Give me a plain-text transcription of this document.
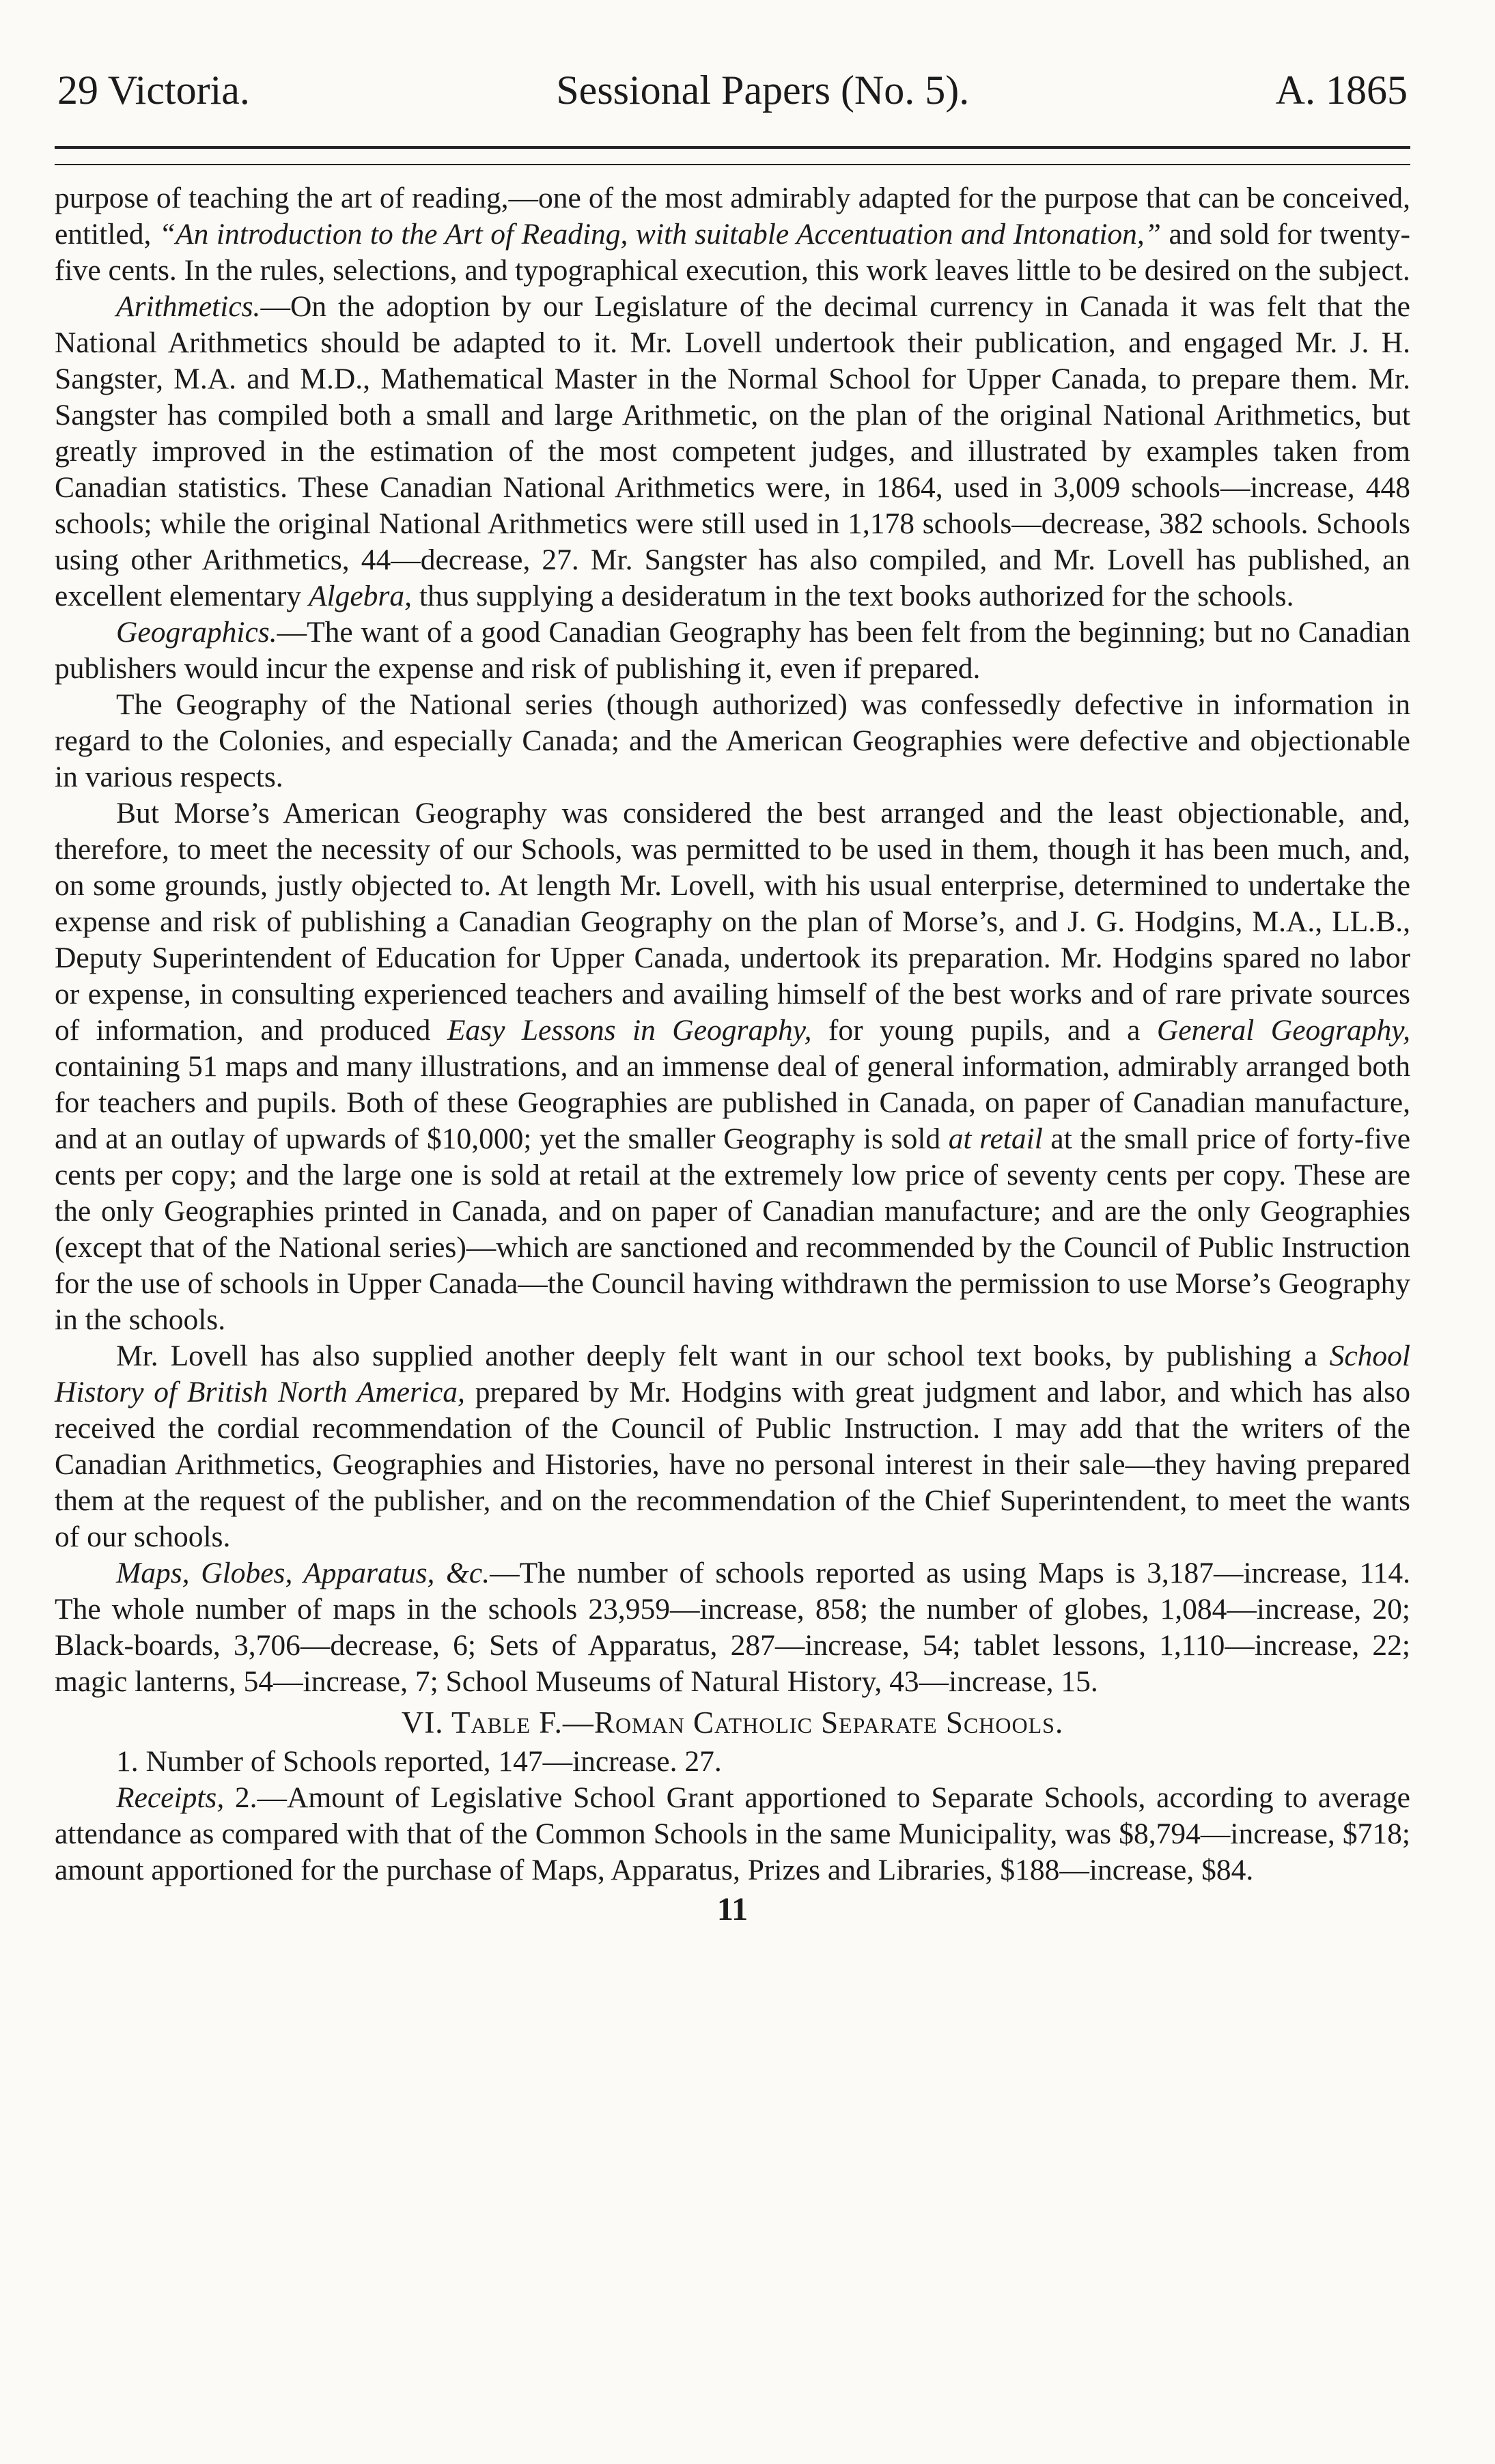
29 Victoria.	Sessional Papers (No. 5).	A. 1865

purpose of teaching the art of reading,—one of the most admirably adapted for the purpose that can be conceived, entitled, “An introduction to the Art of Reading, with suitable Accentuation and Intonation,” and sold for twenty-five cents. In the rules, selections, and typographical execution, this work leaves little to be desired on the subject.

Arithmetics.—On the adoption by our Legislature of the decimal currency in Canada it was felt that the National Arithmetics should be adapted to it. Mr. Lovell undertook their publication, and engaged Mr. J. H. Sangster, M.A. and M.D., Mathematical Master in the Normal School for Upper Canada, to prepare them. Mr. Sangster has compiled both a small and large Arithmetic, on the plan of the original National Arithmetics, but greatly improved in the estimation of the most competent judges, and illustrated by examples taken from Canadian statistics. These Canadian National Arithmetics were, in 1864, used in 3,009 schools—increase, 448 schools; while the original National Arithmetics were still used in 1,178 schools—decrease, 382 schools. Schools using other Arithmetics, 44—decrease, 27. Mr. Sangster has also compiled, and Mr. Lovell has published, an excellent elementary Algebra, thus supplying a desideratum in the text books authorized for the schools.

Geographics.—The want of a good Canadian Geography has been felt from the beginning; but no Canadian publishers would incur the expense and risk of publishing it, even if prepared.

The Geography of the National series (though authorized) was confessedly defective in information in regard to the Colonies, and especially Canada; and the American Geographies were defective and objectionable in various respects.

But Morse’s American Geography was considered the best arranged and the least objectionable, and, therefore, to meet the necessity of our Schools, was permitted to be used in them, though it has been much, and, on some grounds, justly objected to. At length Mr. Lovell, with his usual enterprise, determined to undertake the expense and risk of publishing a Canadian Geography on the plan of Morse’s, and J. G. Hodgins, M.A., LL.B., Deputy Superintendent of Education for Upper Canada, undertook its preparation. Mr. Hodgins spared no labor or expense, in consulting experienced teachers and availing himself of the best works and of rare private sources of information, and produced Easy Lessons in Geography, for young pupils, and a General Geography, containing 51 maps and many illustrations, and an immense deal of general information, admirably arranged both for teachers and pupils. Both of these Geographies are published in Canada, on paper of Canadian manufacture, and at an outlay of upwards of $10,000; yet the smaller Geography is sold at retail at the small price of forty-five cents per copy; and the large one is sold at retail at the extremely low price of seventy cents per copy. These are the only Geographies printed in Canada, and on paper of Canadian manufacture; and are the only Geographies (except that of the National series)—which are sanctioned and recommended by the Council of Public Instruction for the use of schools in Upper Canada—the Council having withdrawn the permission to use Morse’s Geography in the schools.

Mr. Lovell has also supplied another deeply felt want in our school text books, by publishing a School History of British North America, prepared by Mr. Hodgins with great judgment and labor, and which has also received the cordial recommendation of the Council of Public Instruction. I may add that the writers of the Canadian Arithmetics, Geographies and Histories, have no personal interest in their sale—they having prepared them at the request of the publisher, and on the recommendation of the Chief Superintendent, to meet the wants of our schools.

Maps, Globes, Apparatus, &c.—The number of schools reported as using Maps is 3,187—increase, 114. The whole number of maps in the schools 23,959—increase, 858; the number of globes, 1,084—increase, 20; Black-boards, 3,706—decrease, 6; Sets of Apparatus, 287—increase, 54; tablet lessons, 1,110—increase, 22; magic lanterns, 54—increase, 7; School Museums of Natural History, 43—increase, 15.

VI. Table F.—Roman Catholic Separate Schools.

1. Number of Schools reported, 147—increase. 27.

Receipts, 2.—Amount of Legislative School Grant apportioned to Separate Schools, according to average attendance as compared with that of the Common Schools in the same Municipality, was $8,794—increase, $718; amount apportioned for the purchase of Maps, Apparatus, Prizes and Libraries, $188—increase, $84.

11
